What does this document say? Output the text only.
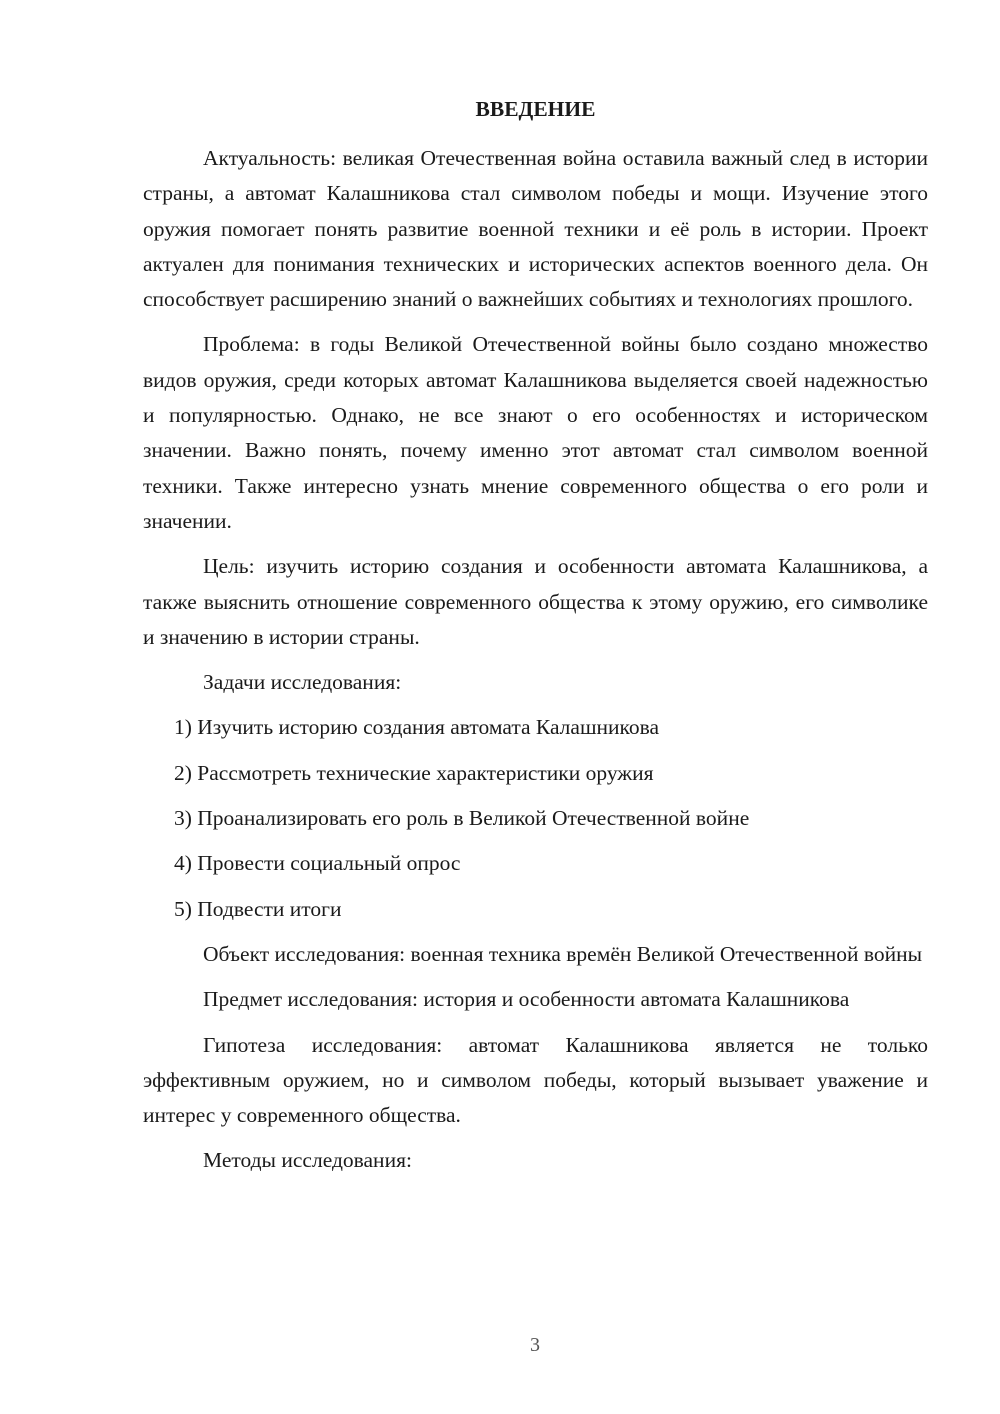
ВВЕДЕНИЕ

Актуальность: великая Отечественная война оставила важный след в истории страны, а автомат Калашникова стал символом победы и мощи. Изучение этого оружия помогает понять развитие военной техники и её роль в истории. Проект актуален для понимания технических и исторических аспектов военного дела. Он способствует расширению знаний о важнейших событиях и технологиях прошлого.

Проблема: в годы Великой Отечественной войны было создано множество видов оружия, среди которых автомат Калашникова выделяется своей надежностью и популярностью. Однако, не все знают о его особенностях и историческом значении. Важно понять, почему именно этот автомат стал символом военной техники. Также интересно узнать мнение современного общества о его роли и значении.

Цель: изучить историю создания и особенности автомата Калашникова, а также выяснить отношение современного общества к этому оружию, его символике и значению в истории страны.

Задачи исследования:

1) Изучить историю создания автомата Калашникова
2) Рассмотреть технические характеристики оружия
3) Проанализировать его роль в Великой Отечественной войне
4) Провести социальный опрос
5) Подвести итоги

Объект исследования: военная техника времён Великой Отечественной войны

Предмет исследования: история и особенности автомата Калашникова

Гипотеза исследования: автомат Калашникова является не только эффективным оружием, но и символом победы, который вызывает уважение и интерес у современного общества.

Методы исследования:

3
